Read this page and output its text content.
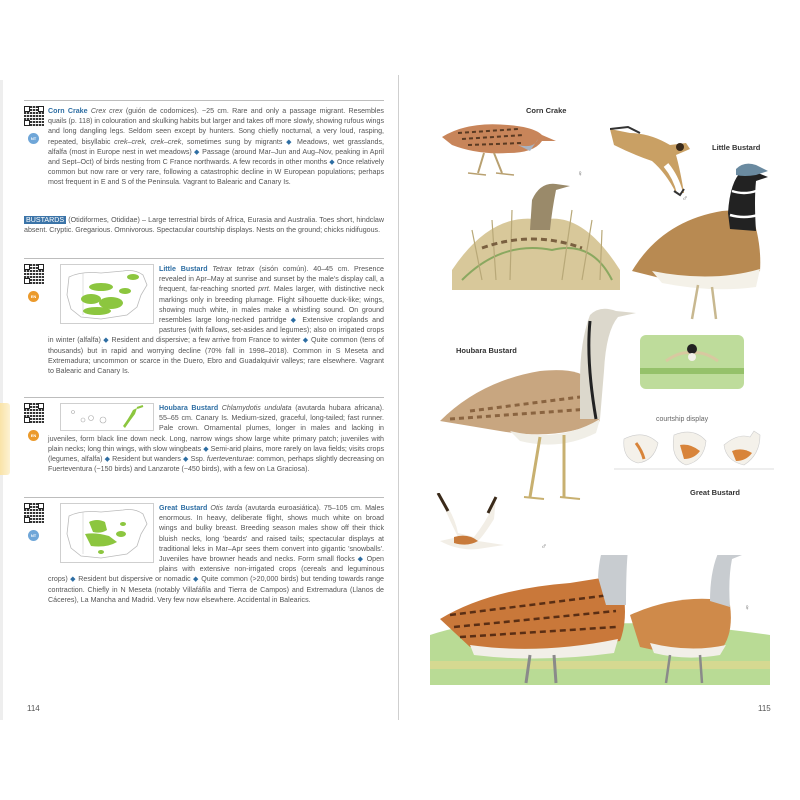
NT

Corn Crake Crex crex (guión de codornices). ~25 cm. Rare and only a passage migrant. Resembles quails (p. 118) in colouration and skulking habits but larger and takes off more slowly, showing rufous wings and long dangling legs. Seldom seen except by hunters. Song chiefly nocturnal, a very loud, rasping, repeated, bisyllabic crek–crek, crek–crek, sometimes sung by migrants ◆ Meadows, wet grasslands, alfalfa (most in Europe nest in wet meadows) ◆ Passage (around Mar–Jun and Aug–Nov, peaking in April and Sept–Oct) of birds nesting from C France northwards. A few records in other months ◆ Once relatively common but now rare or very rare, following a catastrophic decline in W European populations; perhaps most frequent in E and S of the Peninsula. Vagrant to Balearic and Canary Is.

BUSTARDS (Otidiformes, Otididae) – Large terrestrial birds of Africa, Eurasia and Australia. Toes short, hindclaw absent. Cryptic. Gregarious. Omnivorous. Spectacular courtship displays. Nests on the ground; chicks nidifugous.

EN
Little Bustard Tetrax tetrax (sisón común). 40–45 cm. Presence revealed in Apr–May at sunrise and sunset by the male's display call, a frequent, far-reaching snorted prrt. Males larger, with distinctive neck markings only in breeding plumage. Flight silhouette duck-like; wings, showing much white, in males make a whistling sound. On ground resembles large long-necked partridge ◆ Extensive croplands and pastures (with fallows, set-asides and legumes); also on irrigated crops in winter (alfalfa) ◆ Resident and dispersive; a few arrive from France to winter ◆ Quite common (tens of thousands) but in rapid and worrying decline (70% fall in 1998–2018). Common in S Meseta and Extremadura; uncommon or scarce in the Duero, Ebro and Guadalquivir valleys; rare elsewhere. Vagrant to Balearic and Canary Is.
EN
Houbara Bustard Chlamydotis undulata (avutarda hubara africana). 55–65 cm. Canary Is. Medium-sized, graceful, long-tailed; fast runner. Pale crown. Ornamental plumes, longer in males and lacking in juveniles, form black line down neck. Long, narrow wings show large white primary patch; juveniles with plain necks; long thin wings, with slow wingbeats ◆ Semi-arid plains, more rarely on lava fields; visits crops (legumes, alfalfa) ◆ Resident but wanders ◆ Ssp. fuerteventurae: common, perhaps slightly decreasing on Fuerteventura (~150 birds) and Lanzarote (~450 birds), with a few on La Graciosa).
NT
Great Bustard Otis tarda (avutarda euroasiática). 75–105 cm. Males enormous. In heavy, deliberate flight, shows much white on broad wings and bulky breast. Breeding season males show off their thick bluish necks, long 'beards' and raised tails; spectacular displays at traditional leks in Mar–Apr sees them convert into gigantic 'snowballs'. Juveniles have browner heads and necks. Form small flocks ◆ Open plains with extensive non-irrigated crops (cereals and leguminous crops) ◆ Resident but dispersive or nomadic ◆ Quite common (>20,000 birds) but tending towards range contraction. Chiefly in N Meseta (notably Villafáfila and Tierra de Campos) and Extremadura (Llanos de Cáceres), La Mancha and Madrid. Very few now elsewhere. Accidental in Balearics.
114
Corn Crake
♀
Little Bustard
♂
Houbara Bustard
courtship display
Great Bustard
♂
♀
115
